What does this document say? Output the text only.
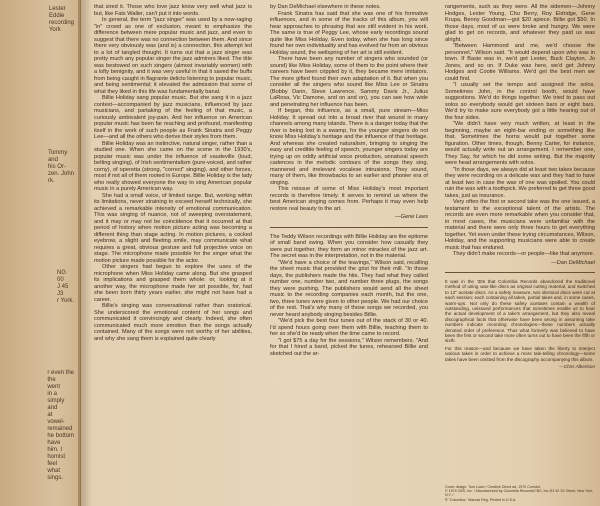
Lester
Eddie
recording
York

Tommy
and
his Or-
zen. John
rk.

NG
00
J 45
J3
r York.

r even the
the
went
in a
simply
and
at
vowel-
remained
he bottom
have
him. I
homist
feel
what
sings.

that sired it. Those who love jazz know very well what jazz is but, like Fats Waller, can't put it into words.

In general, the term "jazz singer" was used by a now-raging "in" crowd as one of exclusion, meant to emphasize the difference between mere popular music and jazz, and even to suggest that there was no connection between them. And since there very obviously was (and is) a connection, this attempt led to a lot of tangled thought. It turns out that a jazz singer was pretty much any popular singer the jazz admirers liked. The title was bestowed on such singers (almost invariably women) with a lofty benignity, and it was very useful in that it saved the buffs from being caught in flagrante delicto listening to popular music, and being sentimental; it elevated the admission that some of what they liked in this life was fundamentally banal.

Billie Holiday sang popular music. But she sang it in a jazz context—accompanied by jazz musicians, influenced by jazz musicians, and partaking of the feeling of that music, a curiously ambivalent joy-pain. And her influence on American popular music has been far reaching and profound, manifesting itself in the work of such people as Frank Sinatra and Peggy Lee—and all the others who derive their styles from them.

Billie Holiday was an instinctive, natural singer, rather than a studied one. When she came on the scene in the 1930's, popular music was under the influence of vaudeville (loud, belting singing), of Irish sentimentalism (pure-voiced, and rather corny), of operetta (strong, "correct" singing), and other forces, most if not all of them rooted in Europe. Billie Holiday is the lady who really showed everyone the way to sing American popular music in a purely American way.

She had a small voice, of limited range. But, working within its limitations, never straining to exceed herself technically, she achieved a remarkable intensity of emotional communication. This was singing of nuance, not of sweeping overstatement, and it may or may not be coincidence that it occurred at that period of history when motion picture acting was becoming a different thing than stage acting. In motion pictures, a cocked eyebrow, a slight and fleeting smile, may communicate what requires a great, obvious gesture and full projective voice on stage. The microphone made possible for the singer what the motion picture made possible for the actor.

Other singers had begun to explore the uses of the microphone when Miss Holiday came along. But she grasped its implications and grasped them whole: or, looking at it another way, the microphone made her art possible, for, had she been born thirty years earlier, she might not have had a career.

Billie's singing was conversational rather than oratorical. She underscored the emotional content of her songs and communicated it convincingly and clearly. Indeed, she often communicated much more emotion than the songs actually contained. Many of the songs were not worthy of her abilities, and why she sang them is explained quite clearly

by Dan DeMichael elsewhere in these notes.

Frank Sinatra has said that she was one of his formative influences, and in some of the tracks of this album, you will hear approaches to phrasing that are still evident in his work. The same is true of Peggy Lee, whose early recordings sound quite like Miss Holiday. Even today, when she has long since found her own individuality and has evolved far from an obvious Holiday sound, the wellspring of her art is still evident.

There have been any number of singers who sounded (or sound) like Miss Holiday, some of them to the point where their careers have been crippled by it, they became mere imitators. The more gifted found their own adaptation of it. But when you consider all the singers who sound like Miss Lee or Sinatra (Bobby Darin, Steve Lawrence, Sammy Davis Jr., Julius LaRosa, Vic Damone, and on and on), you can see how wide and penetrating her influence has been.

If began, this influence, as a small, pure stream—Miss Holiday. It spread out into a broad river that wound in many channels among many islands. There is a danger today that the river is being lost in a swamp, for the younger singers do not know Miss Holiday's heritage and the influence of that heritage. And whereas she created naturalism, bringing to singing the easy and credible feeling of speech, younger singers today are trying up on oddly artificial voice production, unnatural speech cadences in the melodic contours of the songs they sing, mannered and irrelevant vocalese intrusions. They sound, many of them, like throwbacks to an earlier and phonier era of singing.

This reissue of some of Miss Holiday's most important records is therefore timely. It serves to remind us where the best American singing comes from. Perhaps it may even help restore real beauty to the art.

—Gene Lees

The Teddy Wilson recordings with Billie Holiday are the epitome of small band swing. When you consider how casually they were put together, they form an minor miracles of the jazz art. The secret was in the interpretation, not in the material.

"We'd have a choice of the leavings," Wilson said, recalling the sheet music that provided the grist for their mill. "In those days, the publishers made the hits. They had what they called number one, number two, and number three plugs, the songs they were pushing. The publishers would send all the sheet music to the recording companies each month, but the one, two, three tunes were given to other people. We had our choice of the rest. That's why many of those songs we recorded, you never heard anybody singing besides Billie.

"We'd pick the best four tunes out of the stack of 30 or 40. I'd spend hours going over them with Billie, teaching them to her so she'd be ready when the time came to record.

"I got $75 a day for the sessions," Wilson remembers. "And for that I hired a band, picked the tunes, rehearsed Billie and sketched out the ar-

rangements, such as they were. All the sidemen—Johnny Hodges, Lester Young, Chu Berry, Roy Eldridge, Gene Krupa, Benny Goodman—got $20 apiece. Billie got $50. In those days, most of us were broke and hungry. We were glad to get on records, and whatever they paid us was alright.

"Between Hammond and me, we'd choose the personnel," Wilson said. "It would depend upon who was in town. If Basie was in, we'd get Lester, Buck Clayton, Jo Jones, and so on. If Duke was here, we'd get Johnny Hodges and Cootie Williams. We'd get the best men we could find.

"I usually set the tempo and assigned the solos. Sometimes John, in the control booth, would have suggestions. We'd do things together. We tried to pass out solos so everybody would get sixteen bars or eight bars. We'd try to make sure everybody got a little hearing out of the four sides.

"We didn't have very much written, at least in the beginning, maybe an eight-bar ending or something like that. Sometimes the horns would put together some figuration. Other times, though, Benny Carter, for instance, would actually write out an arrangement. I remember one, They Say, for which he did some writing. But the majority were head arrangements with solos.

"In those days, we always did at least two takes because they were recording on a delicate wax and they had to have at least two in case the wax of one was spoiled. You could ruin the wax with a toothpick. We preferred to get three good takes, just as insurance.

Very often the first or second take was the one issued, a testament to the exceptional talent of the artists. The records are even more remarkable when you consider that, in most cases, the musicians were unfamiliar with the material and there were only three hours to get everything together. Yet even under these trying circumstances, Wilson, Holiday, and the supporting musicians were able to create music that has endured.

They didn't make records—or people—like that anymore.

—Dan DeMichael

It was in the '30s that Columbia Records abandoned the traditional method of using wax-like discs as original cutting material, and switched to 12" acetate discs. As a safety measure, two identical discs were cut at each session; each containing all takes, partial takes and, in some cases, warm-ups. Not only do these safety acetates contain a wealth of outstanding, unissued performances that sometimes enable us to hear the actual development of a take's arrangement, but they also reveal discographical facts that otherwise have been wrong in assuming take numbers indicate recording chronologies—these numbers actually denoted order of preference. Thus what formerly was believed to have been the first or second take more often turns out to have been the fifth or sixth.

For this reason—and because we have taken the liberty to interject various takes in order to achieve a more tale-telling chronology—some takes have been omitted from the discography accompanying this album.

—Chris Albertson

Cover design: Tom Lowe / Creative Direct ad, 1970 Comdot.
© 1974 CBS, Inc. / Manufactured by Columbia Records/CBS, Inc./51 W. 52 Street, New York, N.Y. /
® "Columbia," Marcas Reg. Printed in U.S.A.
